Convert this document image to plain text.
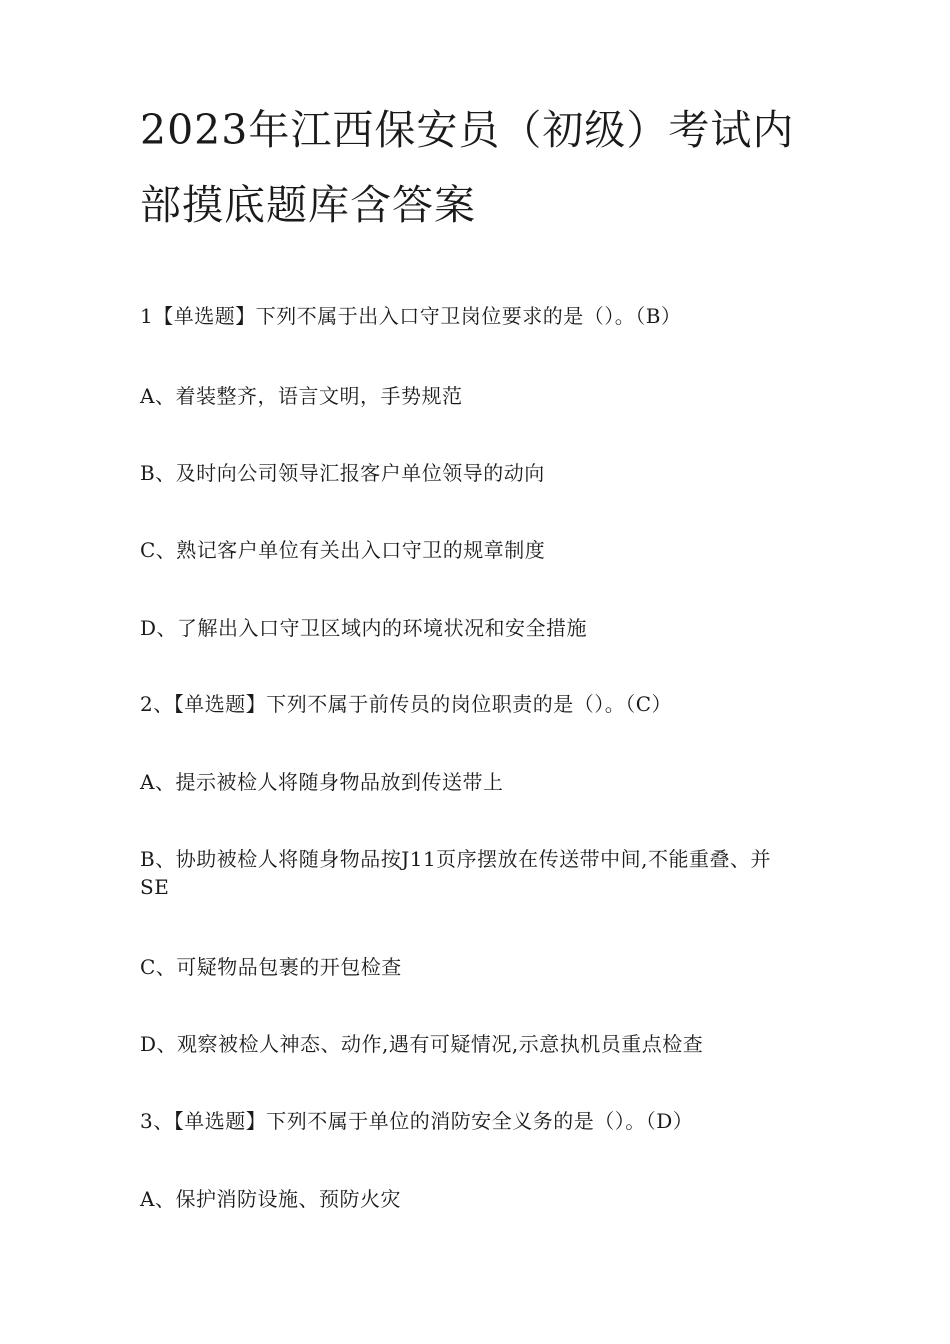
2023年江西保安员（初级）考试内
部摸底题库含答案
1【单选题】下列不属于出入口守卫岗位要求的是（）。（B）
A、着装整齐，语言文明，手势规范
B、及时向公司领导汇报客户单位领导的动向
C、熟记客户单位有关出入口守卫的规章制度
D、了解出入口守卫区域内的环境状况和安全措施
2、【单选题】下列不属于前传员的岗位职责的是（）。（C）
A、提示被检人将随身物品放到传送带上
B、协助被检人将随身物品按J11页序摆放在传送带中间,不能重叠、并
SE
C、可疑物品包裹的开包检查
D、观察被检人神态、动作,遇有可疑情况,示意执机员重点检查
3、【单选题】下列不属于单位的消防安全义务的是（）。（D）
A、保护消防设施、预防火灾
